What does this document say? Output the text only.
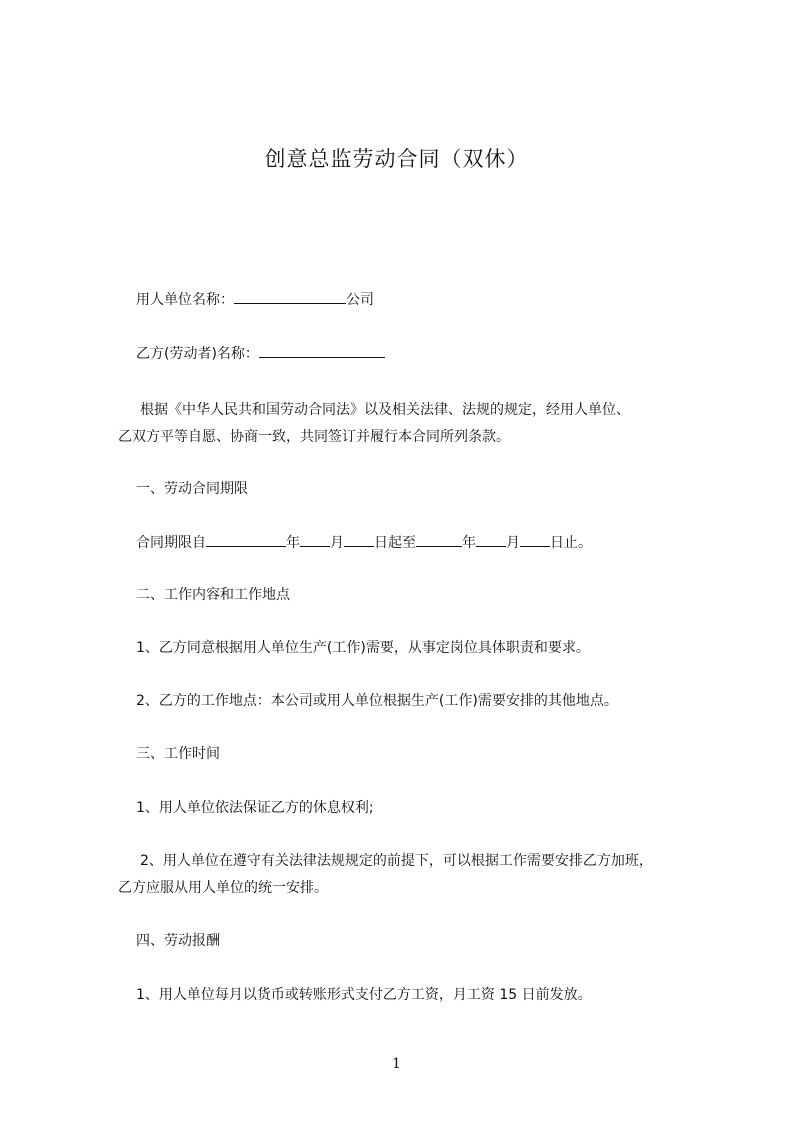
创意总监劳动合同（双休）
用人单位名称：	公司
乙方(劳动者)名称：
根据《中华人民共和国劳动合同法》以及相关法律、法规的规定，经用人单位、
乙双方平等自愿、协商一致，共同签订并履行本合同所列条款。
一、劳动合同期限
合同期限自	年 月 日起至	年 月 日止。
二、工作内容和工作地点
1、乙方同意根据用人单位生产(工作)需要，从事定岗位具体职责和要求。
2、乙方的工作地点：本公司或用人单位根据生产(工作)需要安排的其他地点。
三、工作时间
1、用人单位依法保证乙方的休息权利;
2、用人单位在遵守有关法律法规规定的前提下，可以根据工作需要安排乙方加班，
乙方应服从用人单位的统一安排。
四、劳动报酬
1、用人单位每月以货币或转账形式支付乙方工资，月工资 15 日前发放。
1
